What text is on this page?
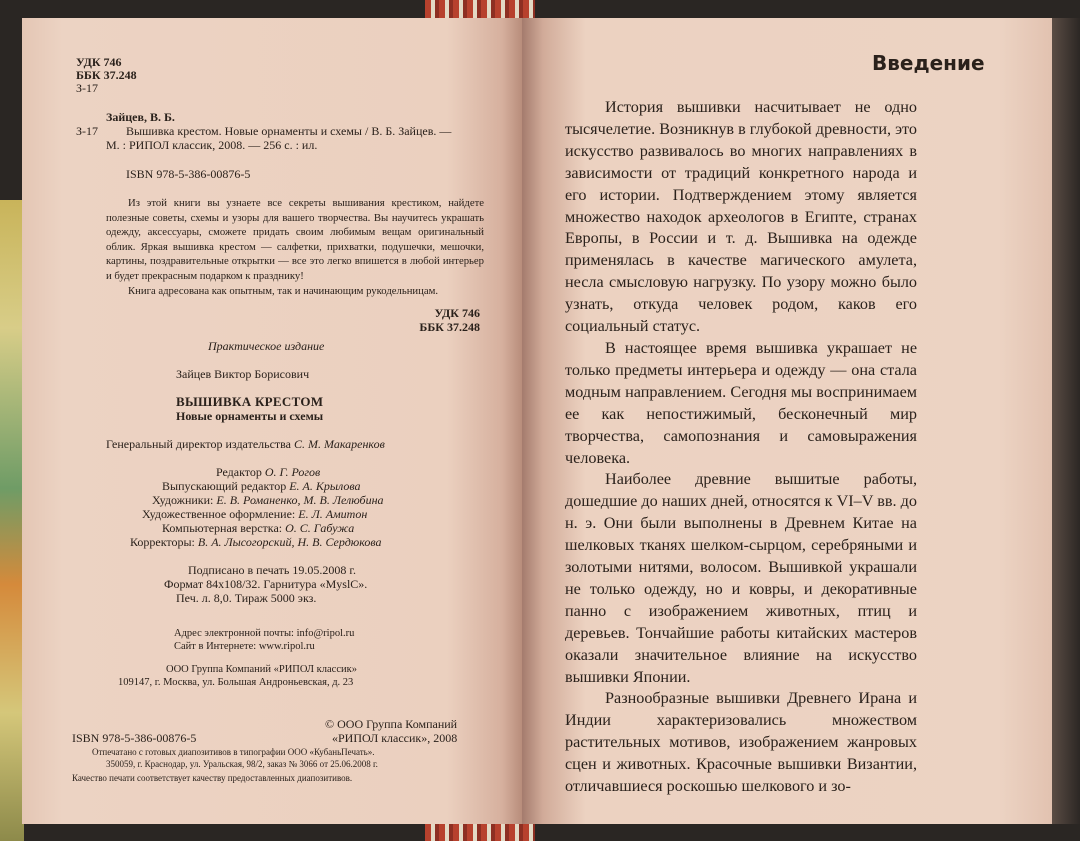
УДК 746
ББК 37.248
З-17
Зайцев, В. Б.
З-17 Вышивка крестом. Новые орнаменты и схемы / В. Б. Зайцев. —
М. : РИПОЛ классик, 2008. — 256 с. : ил.
ISBN 978-5-386-00876-5

Из этой книги вы узнаете все секреты вышивания крестиком, найдете полезные советы, схемы и узоры для вашего творчества. Вы научитесь украшать одежду, аксессуары, сможете придать своим любимым вещам оригинальный облик. Яркая вышивка крестом — салфетки, прихватки, подушечки, мешочки, картины, поздравительные открытки — все это легко впишется в любой интерьер и будет прекрасным подарком к празднику!

Книга адресована как опытным, так и начинающим рукодельницам.

УДК 746
ББК 37.248
Практическое издание
Зайцев Виктор Борисович
ВЫШИВКА КРЕСТОМ
Новые орнаменты и схемы
Генеральный директор издательства С. М. Макаренков
Редактор О. Г. Рогов
Выпускающий редактор Е. А. Крылова
Художники: Е. В. Романенко, М. В. Лелюбина
Художественное оформление: Е. Л. Амитон
Компьютерная верстка: О. С. Габужа
Корректоры: В. А. Лысогорский, Н. В. Сердюкова
Подписано в печать 19.05.2008 г.
Формат 84х108/32. Гарнитура «MyslC».
Печ. л. 8,0. Тираж 5000 экз.
Адрес электронной почты: info@ripol.ru
Сайт в Интернете: www.ripol.ru
ООО Группа Компаний «РИПОЛ классик»
109147, г. Москва, ул. Большая Андроньевская, д. 23
© ООО Группа Компаний
ISBN 978-5-386-00876-5	«РИПОЛ классик», 2008
Отпечатано с готовых диапозитивов в типографии ООО «КубаньПечать».
350059, г. Краснодар, ул. Уральская, 98/2, заказ № 3066 от 25.06.2008 г.
Качество печати соответствует качеству предоставленных диапозитивов.
Введение

История вышивки насчитывает не одно тысячелетие. Возникнув в глубокой древности, это искусство развивалось во многих направлениях в зависимости от традиций конкретного народа и его истории. Подтверждением этому является множество находок археологов в Египте, странах Европы, в России и т. д. Вышивка на одежде применялась в качестве магического амулета, несла смысловую нагрузку. По узору можно было узнать, откуда человек родом, каков его социальный статус.

В настоящее время вышивка украшает не только предметы интерьера и одежду — она стала модным направлением. Сегодня мы воспринимаем ее как непостижимый, бесконечный мир творчества, самопознания и самовыражения человека.

Наиболее древние вышитые работы, дошедшие до наших дней, относятся к VI–V вв. до н. э. Они были выполнены в Древнем Китае на шелковых тканях шелком-сырцом, серебряными и золотыми нитями, волосом. Вышивкой украшали не только одежду, но и ковры, и декоративные панно с изображением животных, птиц и деревьев. Тончайшие работы китайских мастеров оказали значительное влияние на искусство вышивки Японии.

Разнообразные вышивки Древнего Ирана и Индии характеризовались множеством растительных мотивов, изображением жанровых сцен и животных. Красочные вышивки Византии, отличавшиеся роскошью шелкового и зо-
